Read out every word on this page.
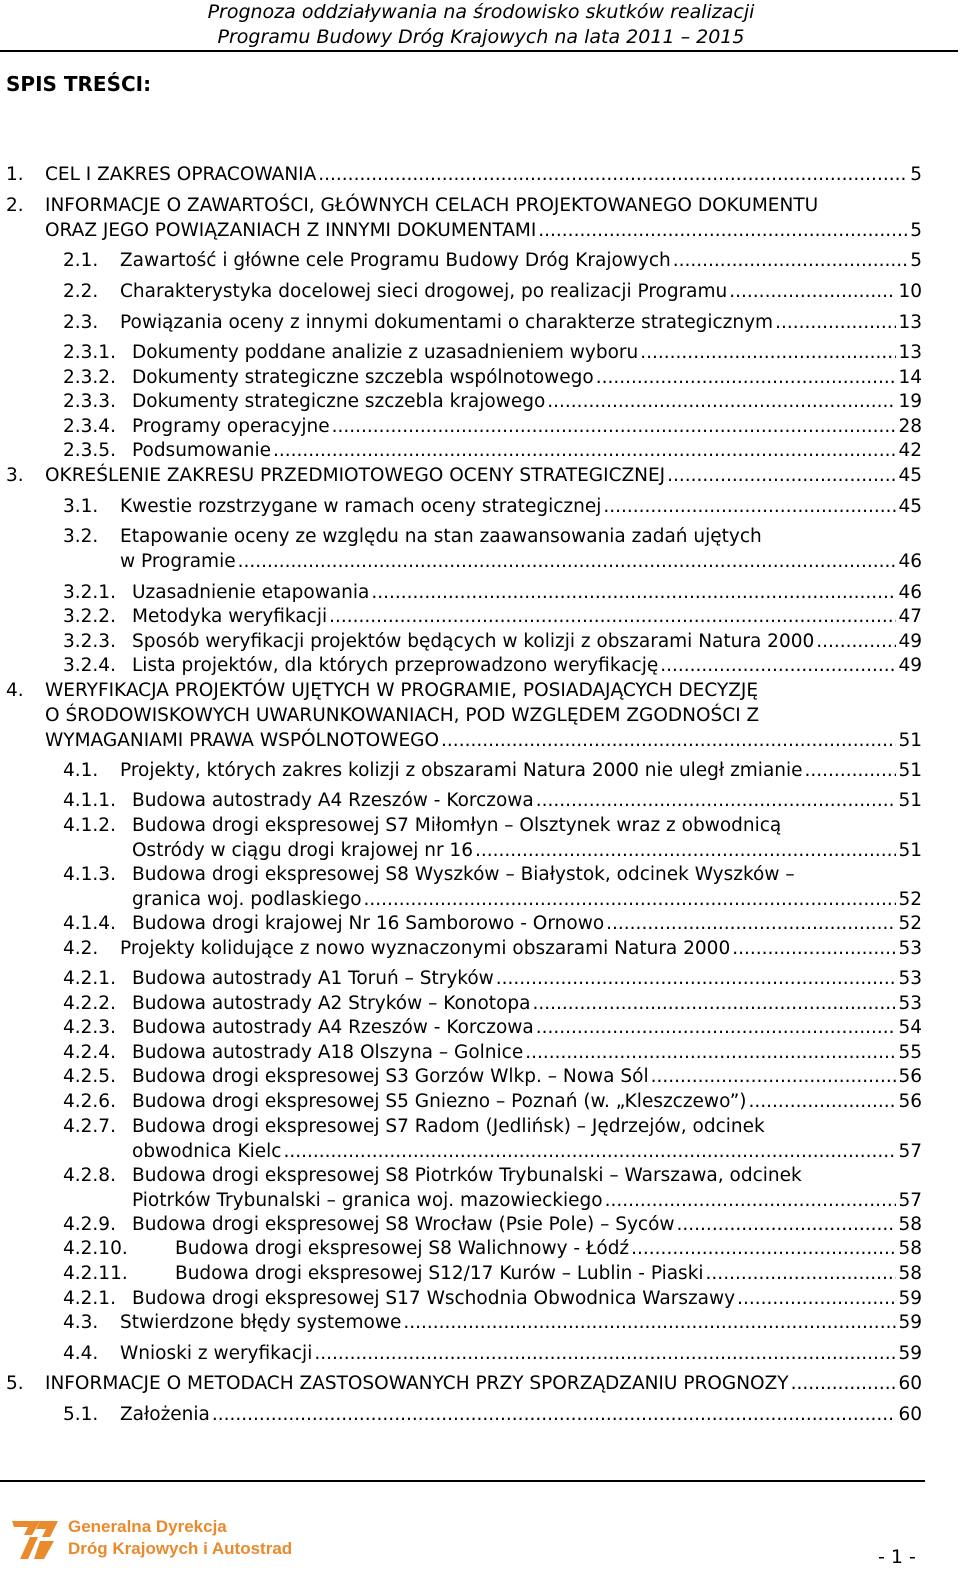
Prognoza oddziaływania na środowisko skutków realizacji
Programu Budowy Dróg Krajowych na lata 2011 – 2015
SPIS TREŚCI:
1. CEL I ZAKRES OPRACOWANIA .....	5
2. INFORMACJE O ZAWARTOŚCI, GŁÓWNYCH CELACH PROJEKTOWANEGO DOKUMENTU
ORAZ JEGO POWIĄZANIACH Z INNYMI DOKUMENTAMI .....	5
2.1. Zawartość i główne cele Programu Budowy Dróg Krajowych .....	5
2.2. Charakterystyka docelowej sieci drogowej, po realizacji Programu .....	10
2.3. Powiązania oceny z innymi dokumentami o charakterze strategicznym .....	13
2.3.1. Dokumenty poddane analizie z uzasadnieniem wyboru .....	13
2.3.2. Dokumenty strategiczne szczebla wspólnotowego .....	14
2.3.3. Dokumenty strategiczne szczebla krajowego .....	19
2.3.4. Programy operacyjne .....	28
2.3.5. Podsumowanie .....	42
3. OKREŚLENIE ZAKRESU PRZEDMIOTOWEGO OCENY STRATEGICZNEJ .....	45
3.1. Kwestie rozstrzygane w ramach oceny strategicznej .....	45
3.2. Etapowanie oceny ze względu na stan zaawansowania zadań ujętych
w Programie .....	46
3.2.1. Uzasadnienie etapowania .....	46
3.2.2. Metodyka weryfikacji .....	47
3.2.3. Sposób weryfikacji projektów będących w kolizji z obszarami Natura 2000 .....	49
3.2.4. Lista projektów, dla których przeprowadzono weryfikację .....	49
4. WERYFIKACJA PROJEKTÓW UJĘTYCH W PROGRAMIE, POSIADAJĄCYCH DECYZJĘ
O ŚRODOWISKOWYCH UWARUNKOWANIACH, POD WZGLĘDEM ZGODNOŚCI Z
WYMAGANIAMI PRAWA WSPÓLNOTOWEGO .....	51
4.1. Projekty, których zakres kolizji z obszarami Natura 2000 nie uległ zmianie .....	51
4.1.1. Budowa autostrady A4 Rzeszów - Korczowa .....	51
4.1.2. Budowa drogi ekspresowej S7 Miłomłyn – Olsztynek wraz z obwodnicą
Ostródy w ciągu drogi krajowej nr 16 .....	51
4.1.3. Budowa drogi ekspresowej S8 Wyszków – Białystok, odcinek Wyszków –
granica woj. podlaskiego .....	52
4.1.4. Budowa drogi krajowej Nr 16 Samborowo - Ornowo .....	52
4.2. Projekty kolidujące z nowo wyznaczonymi obszarami Natura 2000 .....	53
4.2.1. Budowa autostrady A1 Toruń – Stryków .....	53
4.2.2. Budowa autostrady A2 Stryków – Konotopa .....	53
4.2.3. Budowa autostrady A4 Rzeszów - Korczowa .....	54
4.2.4. Budowa autostrady A18 Olszyna – Golnice .....	55
4.2.5. Budowa drogi ekspresowej S3 Gorzów Wlkp. – Nowa Sól .....	56
4.2.6. Budowa drogi ekspresowej S5 Gniezno – Poznań (w. „Kleszczewo”) .....	56
4.2.7. Budowa drogi ekspresowej S7 Radom (Jedlińsk) – Jędrzejów, odcinek
obwodnica Kielc .....	57
4.2.8. Budowa drogi ekspresowej S8 Piotrków Trybunalski – Warszawa, odcinek
Piotrków Trybunalski – granica woj. mazowieckiego .....	57
4.2.9. Budowa drogi ekspresowej S8 Wrocław (Psie Pole) – Syców .....	58
4.2.10.	Budowa drogi ekspresowej S8 Walichnowy - Łódź .....	58
4.2.11.	Budowa drogi ekspresowej S12/17 Kurów – Lublin - Piaski .....	58
4.2.1. Budowa drogi ekspresowej S17 Wschodnia Obwodnica Warszawy .....	59
4.3. Stwierdzone błędy systemowe .....	59
4.4. Wnioski z weryfikacji .....	59
5. INFORMACJE O METODACH ZASTOSOWANYCH PRZY SPORZĄDZANIU PROGNOZY .....	60
5.1. Założenia .....	60
Generalna Dyrekcja
Dróg Krajowych i Autostrad	- 1 -
